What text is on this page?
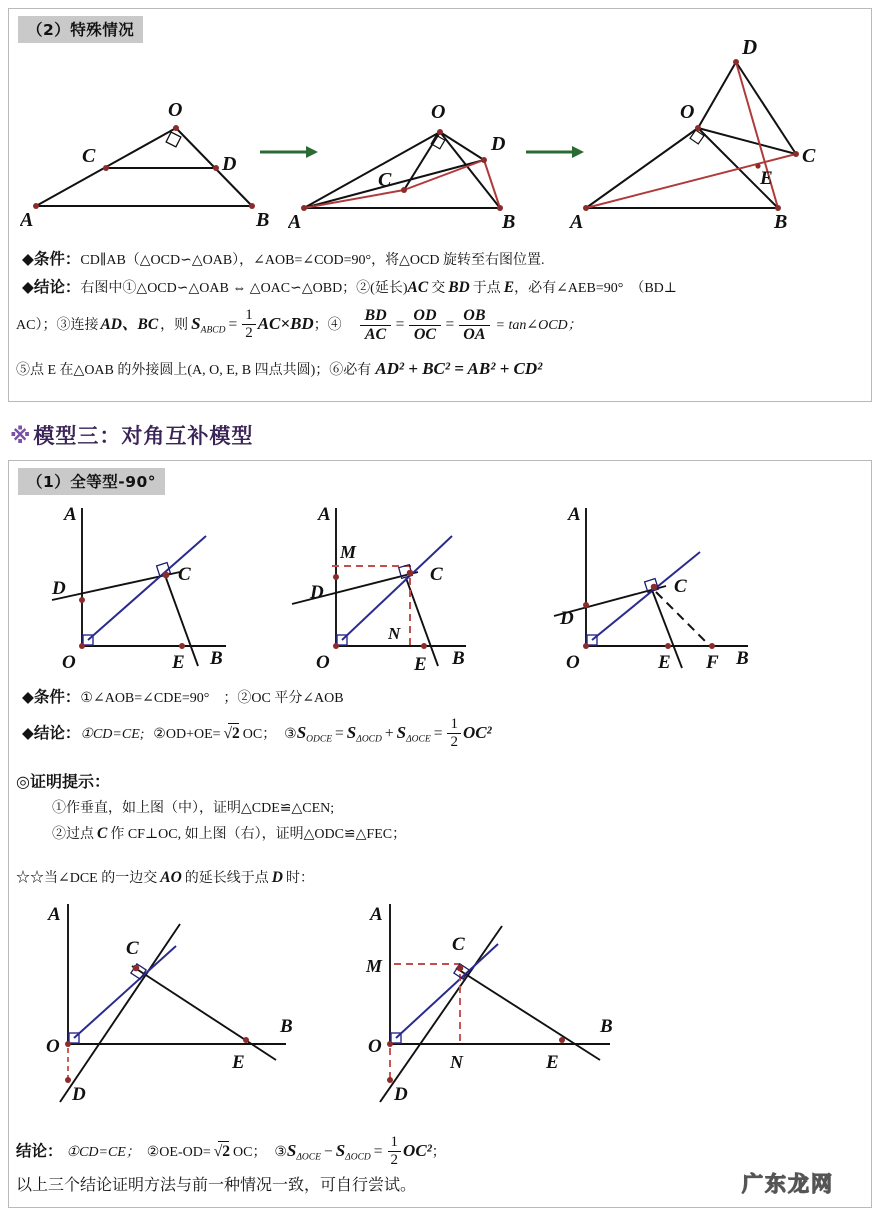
（2）特殊情况
O
C	D
A	B
O
C
D
A	B
D
O
C
E
A	B
◆条件：CD∥AB（△OCD∽△OAB），∠AOB=∠COD=90°，将△OCD 旋转至右图位置.
◆结论：右图中①△OCD∽△OAB ⇔ △OAC∽△OBD；②(延长)AC 交 BD 于点 E，必有∠AEB=90°　（BD⊥
AC）；③连接 AD、BC ，则 $S_{ABCD} = \frac{1}{2} AC\times BD$；④ $\frac{BD}{AC} = \frac{OD}{OC} = \frac{OB}{OA}$ = tan∠OCD；
⑤点 E 在△OAB 的外接圆上(A, O, E, B 四点共圆)；⑥必有 AD² + BC² = AB² + CD²
※模型三：对角互补模型
（1）全等型-90°
A
D
C
O	E B
A
M
D
C
N
O	E B
A
C
D
O	E F B
◆条件：①∠AOB=∠CDE=90°　；②OC 平分∠AOB
◆结论：①CD=CE; ②OD+OE= √
2 OC； $③S_{ODCE} = S_{\Delta OCD} + S_{\Delta OCE} = \frac{1}{2} OC^2$
◎证明提示：
①作垂直，如上图（中），证明△CDE≌△CEN;
②过点 C 作 CF⊥OC, 如上图（右），证明△ODC≌△FEC；
☆☆当∠DCE 的一边交 AO 的延长线于点 D 时：
A
C
O
E
B
D
A
C
M
O
N	E
B
D
结论： ①CD=CE； ②OE-OD= √
2 OC； $③S_{\Delta OCE} - S_{\Delta OCD} = \frac{1}{2} OC^2$；
以上三个结论证明方法与前一种情况一致，可自行尝试。	广东龙网
